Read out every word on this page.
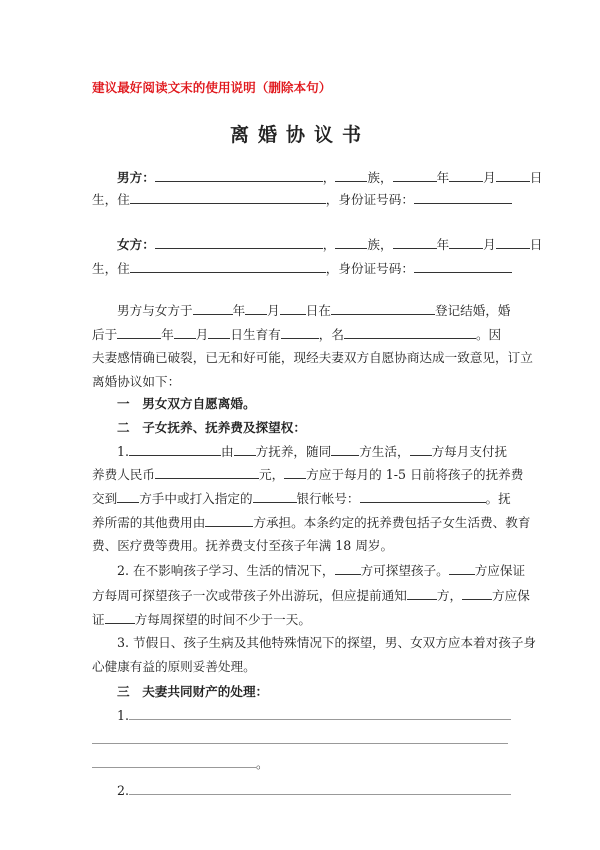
建议最好阅读文末的使用说明（删除本句）
离婚协议书
男方：	，	族，	年	月	日
生，住	，身份证号码：
女方：	，	族，	年	月	日
生，住	，身份证号码：
男方与女方于	年 月 日在	登记结婚，婚
后于	年 月 日生育有	，名	。因
夫妻感情确已破裂，已无和好可能，现经夫妻双方自愿协商达成一致意见，订立
离婚协议如下：
一　男女双方自愿离婚。
二　子女抚养、抚养费及探望权：
1.	由 方抚养，随同 方生活， 方每月支付抚
养费人民币	元， 方应于每月的 1-5 日前将孩子的抚养费
交到 方手中或打入指定的	银行帐号：	。抚
养所需的其他费用由	方承担。本条约定的抚养费包括子女生活费、教育
费、医疗费等费用。抚养费支付至孩子年满 18 周岁。
2. 在不影响孩子学习、生活的情况下， 方可探望孩子。 方应保证
方每周可探望孩子一次或带孩子外出游玩，但应提前通知 方， 方应保
证 方每周探望的时间不少于一天。
3. 节假日、孩子生病及其他特殊情况下的探望，男、女双方应本着对孩子身
心健康有益的原则妥善处理。
三　夫妻共同财产的处理：
1.
。
2.
